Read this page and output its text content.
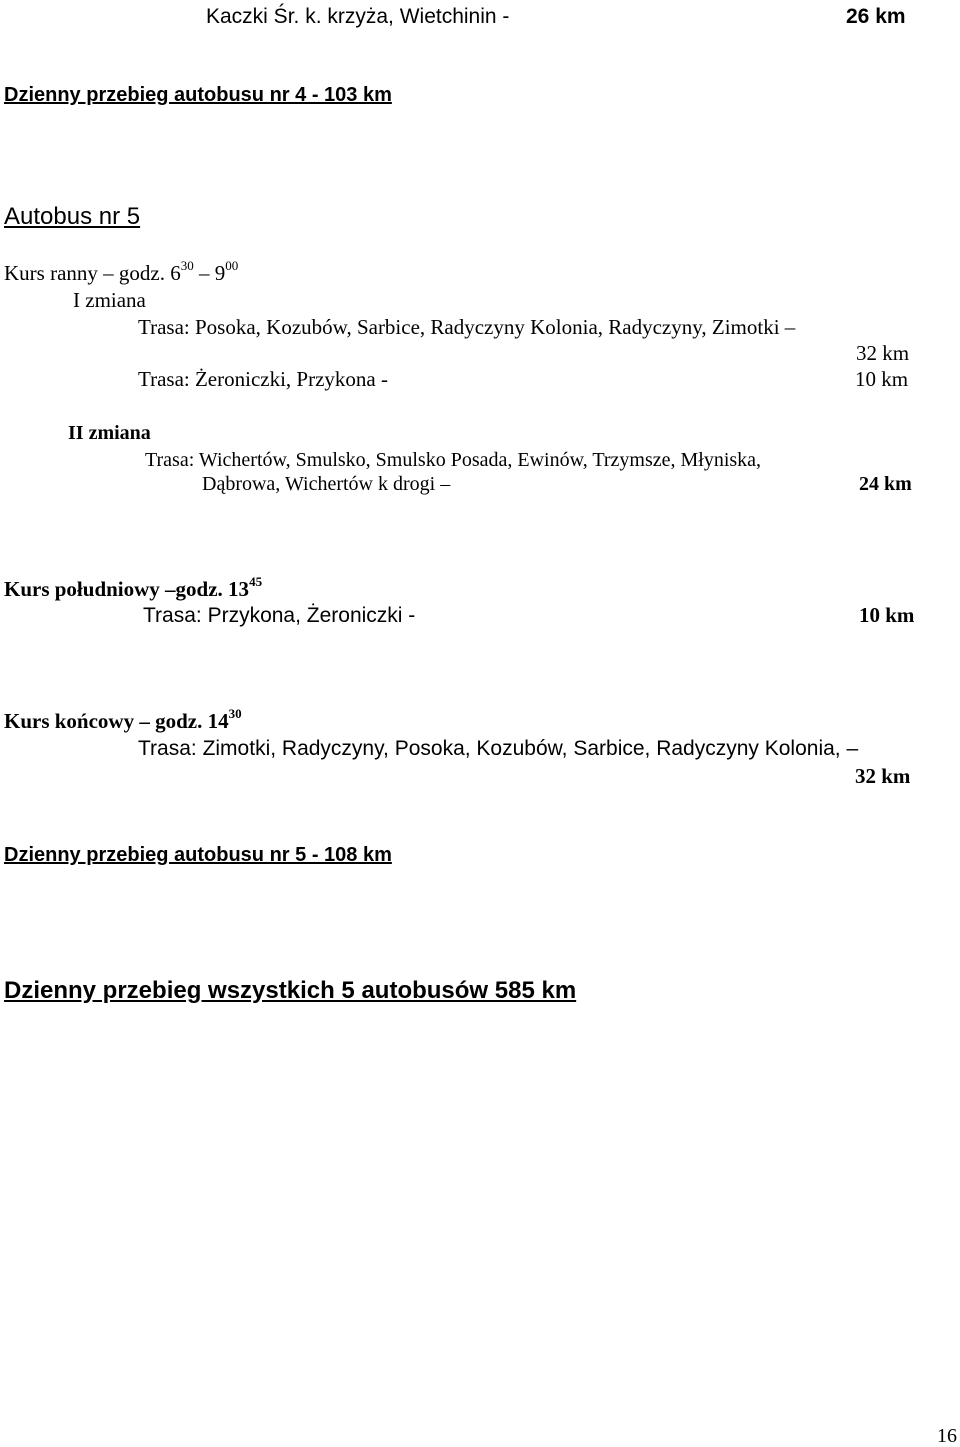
Kaczki Śr. k. krzyża, Wietchinin -	26 km
Dzienny przebieg autobusu nr 4 - 103 km
Autobus nr 5
Kurs ranny – godz. $6^{30} - 9^{00}$
I zmiana
Trasa: Posoka, Kozubów, Sarbice, Radyczyny Kolonia, Radyczyny, Zimotki –
32 km
Trasa: Żeroniczki, Przykona -	10 km
II zmiana
Trasa: Wichertów, Smulsko, Smulsko Posada, Ewinów, Trzymsze, Młyniska,
Dąbrowa, Wichertów k drogi –	24 km
Kurs południowy –godz. $13^{45}$
Trasa: Przykona, Żeroniczki -	10 km
Kurs końcowy – godz. $14^{30}$
Trasa: Zimotki, Radyczyny, Posoka, Kozubów, Sarbice, Radyczyny Kolonia, –
32 km
Dzienny przebieg autobusu nr 5 - 108 km
Dzienny przebieg wszystkich 5 autobusów 585 km
16
